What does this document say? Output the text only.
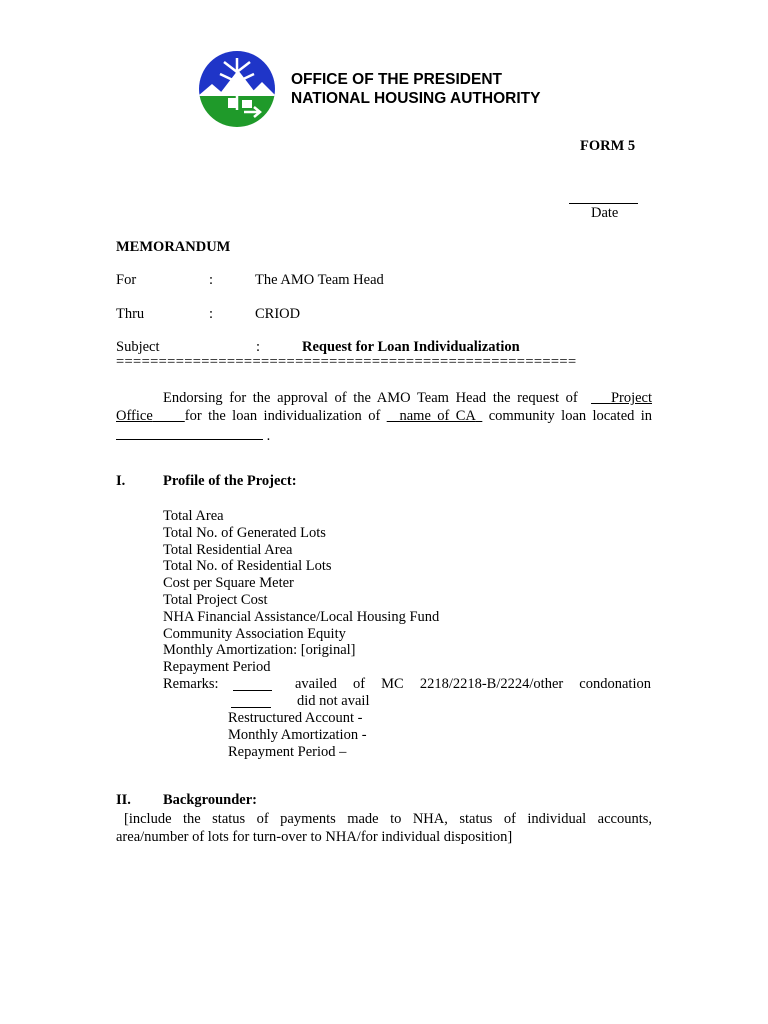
OFFICE OF THE PRESIDENT
NATIONAL HOUSING AUTHORITY
FORM 5
Date
MEMORANDUM
For	:	The AMO Team Head
Thru	:	CRIOD
Subject	:	Request for Loan Individualization
======================================================
Endorsing for the approval of the AMO Team Head the request of Project
Office for the loan individualization of name of CA community loan located in
.
I.	Profile of the Project:
Total Area
Total No. of Generated Lots
Total Residential Area
Total No. of Residential Lots
Cost per Square Meter
Total Project Cost
NHA Financial Assistance/Local Housing Fund
Community Association Equity
Monthly Amortization: [original]
Repayment Period
Remarks:	availed of MC 2218/2218-B/2224/other condonation
did not avail
Restructured Account -
Monthly Amortization -
Repayment Period –
II. Backgrounder:
[include the status of payments made to NHA, status of individual accounts,
area/number of lots for turn-over to NHA/for individual disposition]
